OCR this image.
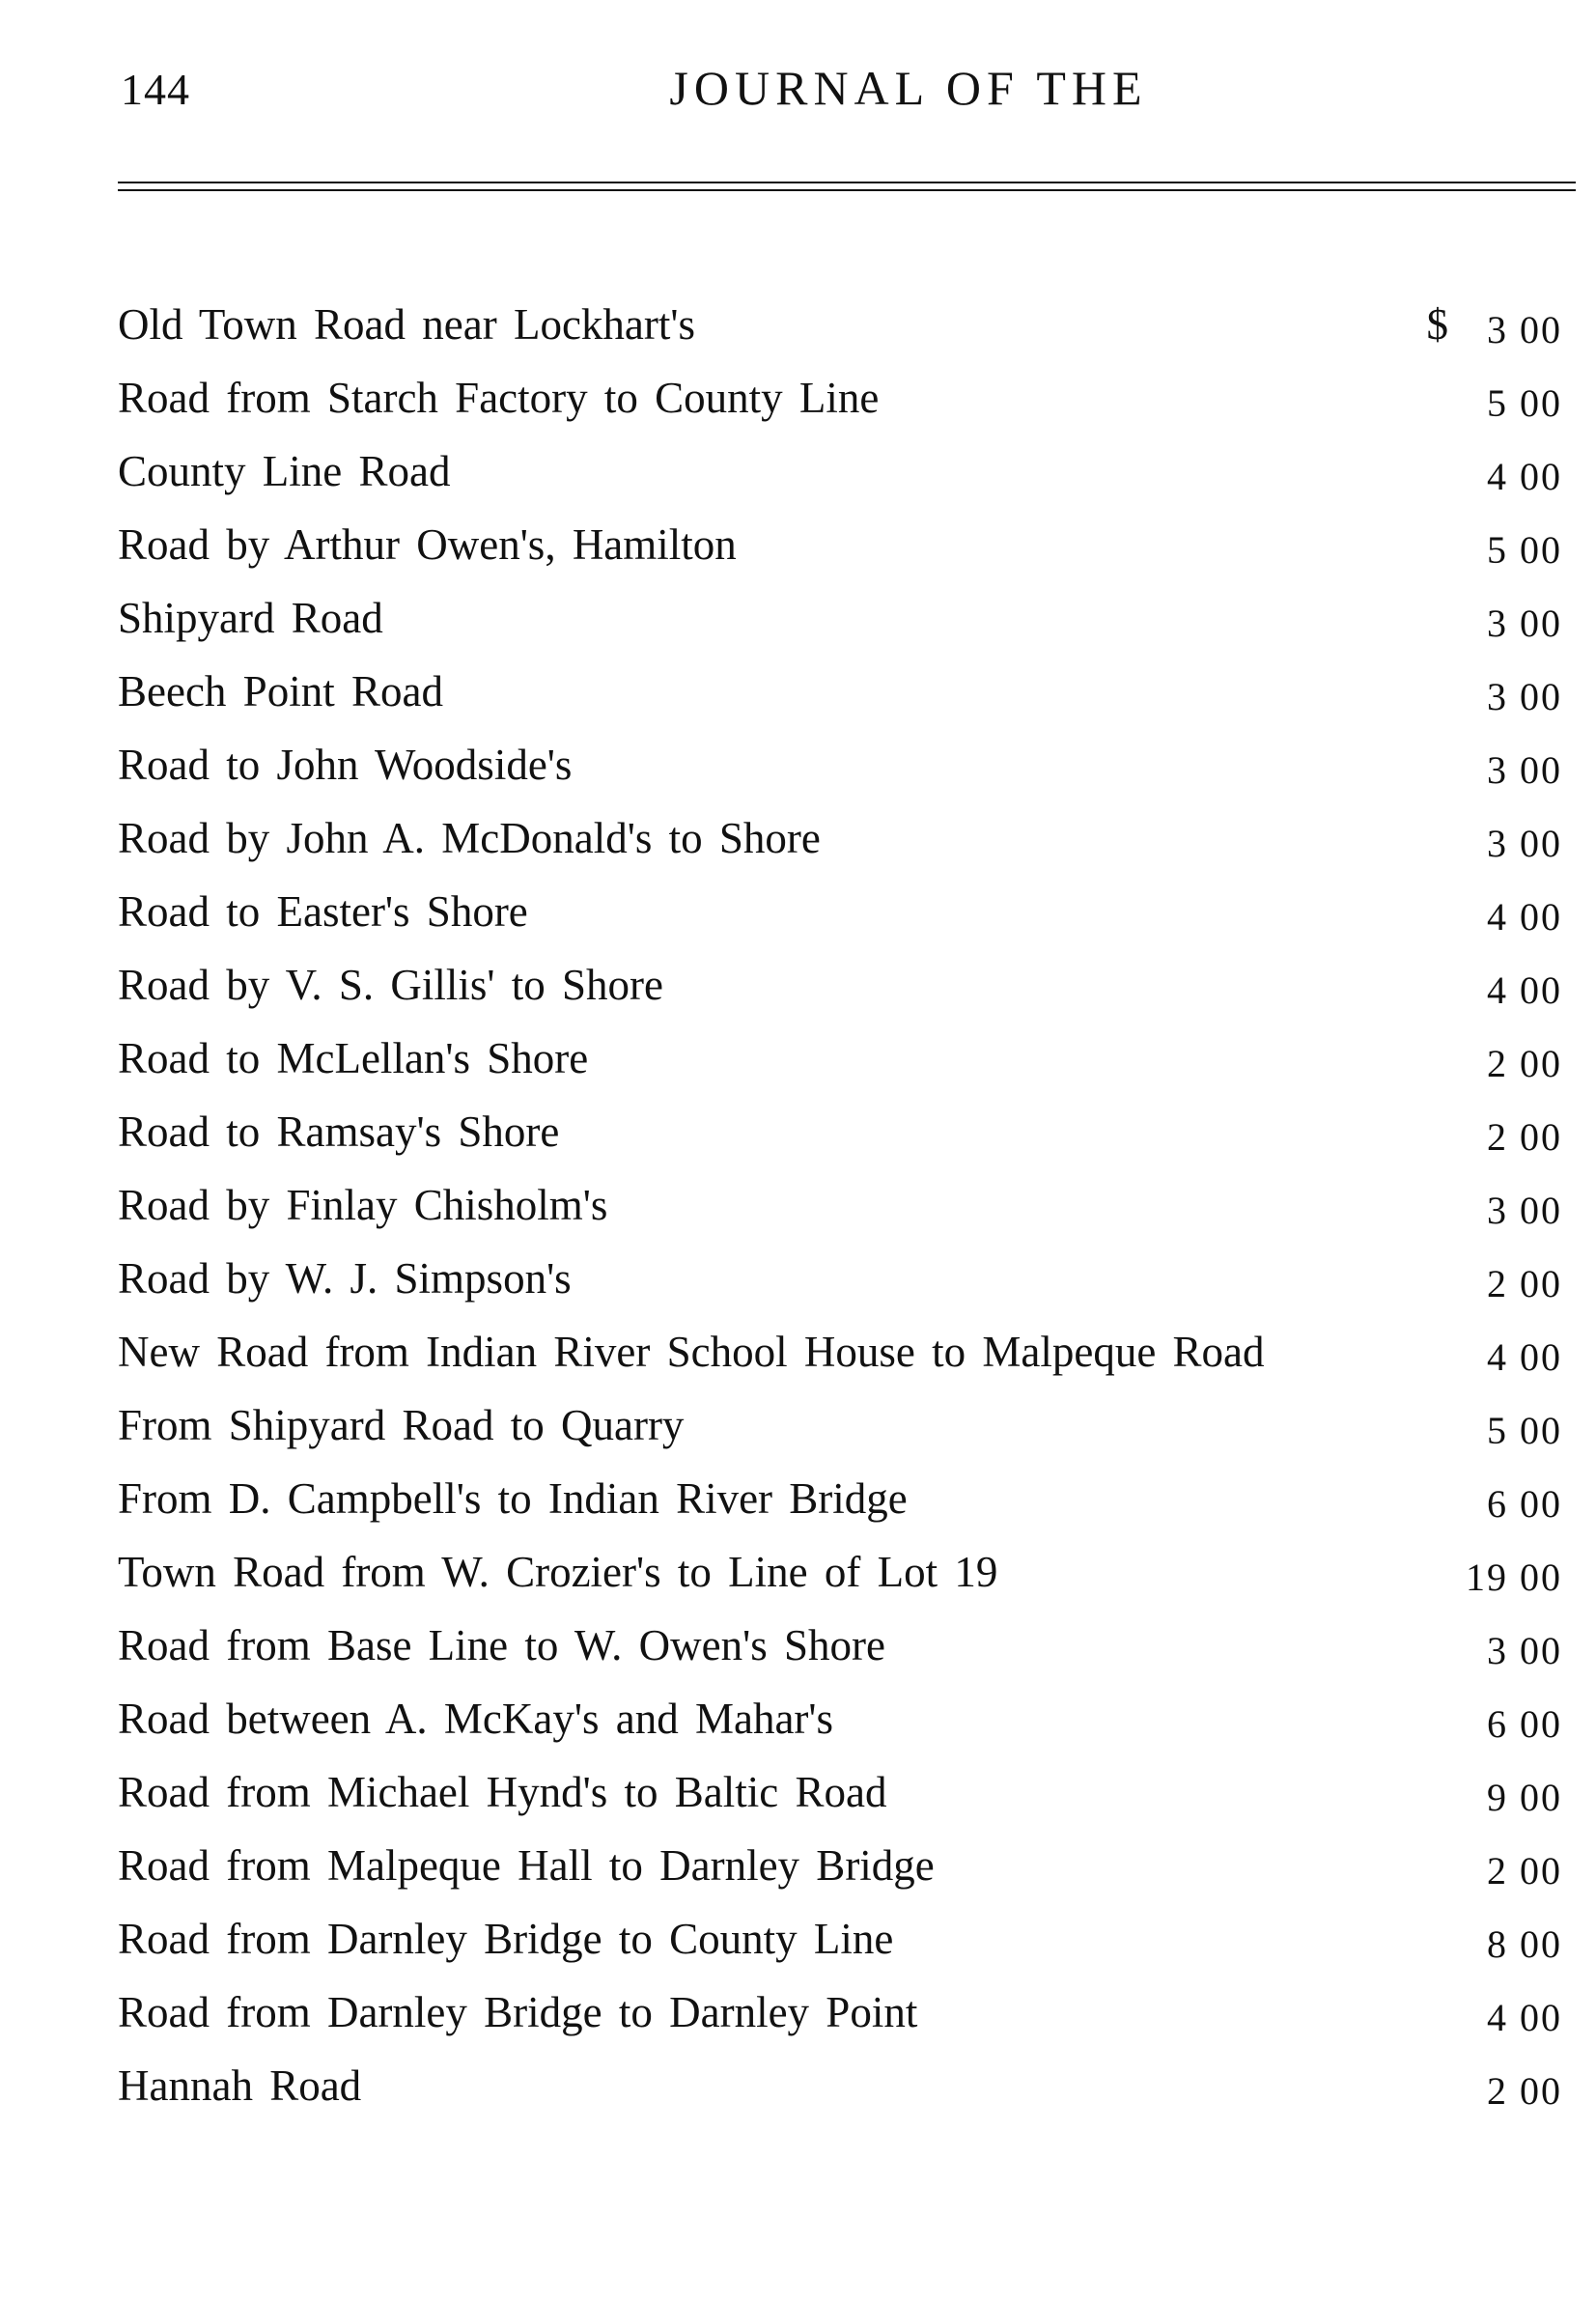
144	JOURNAL OF THE
Old Town Road near Lockhart's	$	3 00
Road from Starch Factory to County Line	5 00
County Line Road	4 00
Road by Arthur Owen's, Hamilton	5 00
Shipyard Road	3 00
Beech Point Road	3 00
Road to John Woodside's	3 00
Road by John A. McDonald's to Shore	3 00
Road to Easter's Shore	4 00
Road by V. S. Gillis' to Shore	4 00
Road to McLellan's Shore	2 00
Road to Ramsay's Shore	2 00
Road by Finlay Chisholm's	3 00
Road by W. J. Simpson's	2 00
New Road from Indian River School House to Malpeque Road	4 00
From Shipyard Road to Quarry	5 00
From D. Campbell's to Indian River Bridge	6 00
Town Road from W. Crozier's to Line of Lot 19	19 00
Road from Base Line to W. Owen's Shore	3 00
Road between A. McKay's and Mahar's	6 00
Road from Michael Hynd's to Baltic Road	9 00
Road from Malpeque Hall to Darnley Bridge	2 00
Road from Darnley Bridge to County Line	8 00
Road from Darnley Bridge to Darnley Point	4 00
Hannah Road	2 00
